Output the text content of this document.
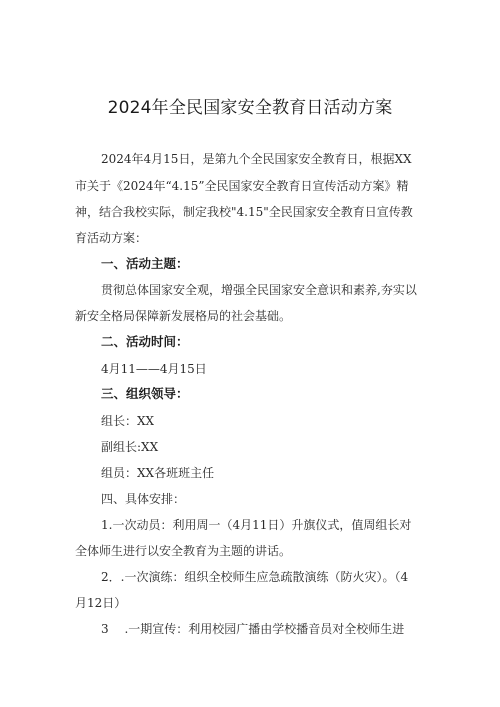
2024年全民国家安全教育日活动方案
2024年4月15日，是第九个全民国家安全教育日，根据XX
市关于《2024年“4.15”全民国家安全教育日宣传活动方案》精
神，结合我校实际，制定我校"4.15"全民国家安全教育日宣传教
育活动方案：
一、活动主题：
贯彻总体国家安全观，增强全民国家安全意识和素养,夯实以
新安全格局保障新发展格局的社会基础。
二、活动时间：
4月11——4月15日
三、组织领导：
组长：XX
副组长:XX
组员：XX各班班主任
四、具体安排：
1.一次动员：利用周一（4月11日）升旗仪式，值周组长对
全体师生进行以安全教育为主题的讲话。
2．.一次演练：组织全校师生应急疏散演练（防火灾）。（4
月12日）
3　 .一期宣传：利用校园广播由学校播音员对全校师生进
